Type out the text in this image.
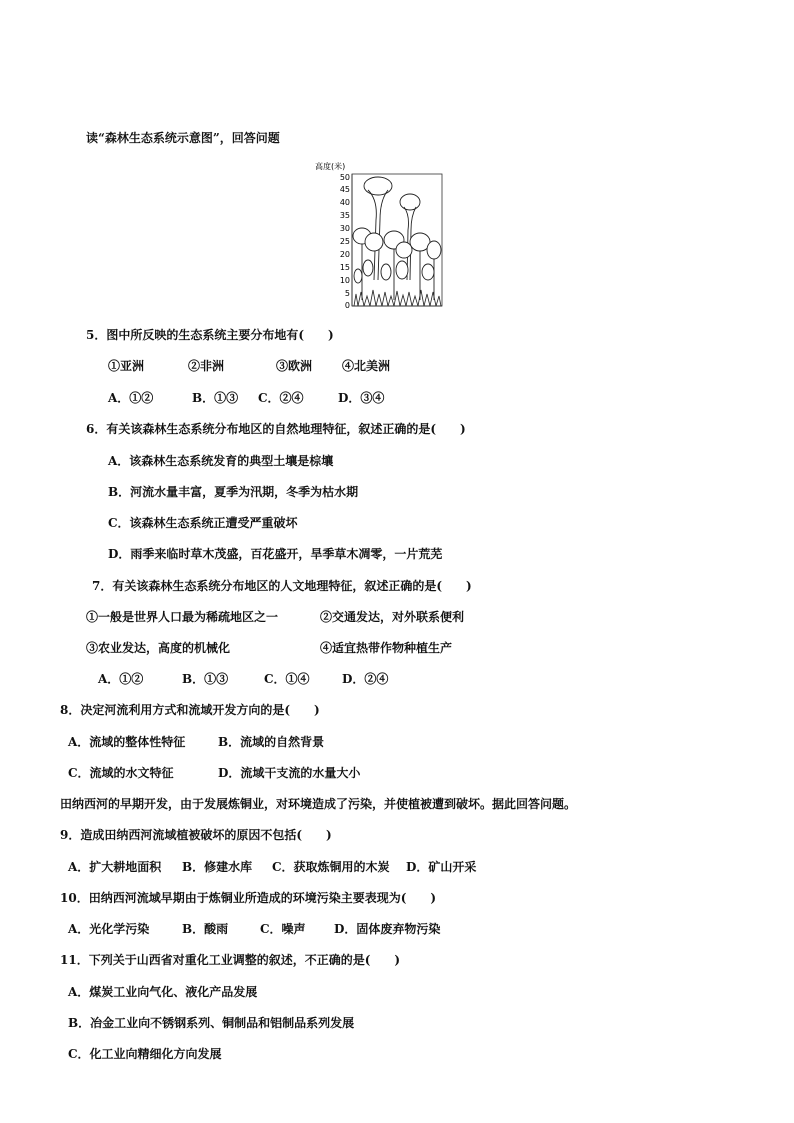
读“森林生态系统示意图”，回答问题
高度(米)
50
45
40
35
30
25
20
15
10
5
0
5．图中所反映的生态系统主要分布地有(　　)
①亚洲	②非洲	③欧洲 ④北美洲
A．①②	B．①③ C．②④	D．③④
6．有关该森林生态系统分布地区的自然地理特征，叙述正确的是(　　)
A．该森林生态系统发育的典型土壤是棕壤
B．河流水量丰富，夏季为汛期，冬季为枯水期
C．该森林生态系统正遭受严重破坏
D．雨季来临时草木茂盛，百花盛开，旱季草木凋零，一片荒芜
7．有关该森林生态系统分布地区的人文地理特征，叙述正确的是(　　)
①一般是世界人口最为稀疏地区之一	②交通发达，对外联系便利
③农业发达，高度的机械化	④适宜热带作物种植生产
A．①②	B．①③	C．①④	D．②④
8．决定河流利用方式和流域开发方向的是(　　)
A．流域的整体性特征	B．流域的自然背景
C．流域的水文特征	D．流域干支流的水量大小
田纳西河的早期开发，由于发展炼铜业，对环境造成了污染，并使植被遭到破坏。据此回答问题。
9．造成田纳西河流域植被破坏的原因不包括(　　)
A．扩大耕地面积 B．修建水库 C．获取炼铜用的木炭 D．矿山开采
10．田纳西河流域早期由于炼铜业所造成的环境污染主要表现为(　　)
A．光化学污染	B．酸雨	C．噪声 D．固体废弃物污染
11．下列关于山西省对重化工业调整的叙述，不正确的是(　　)
A．煤炭工业向气化、液化产品发展
B．冶金工业向不锈钢系列、铜制品和铝制品系列发展
C．化工业向精细化方向发展
